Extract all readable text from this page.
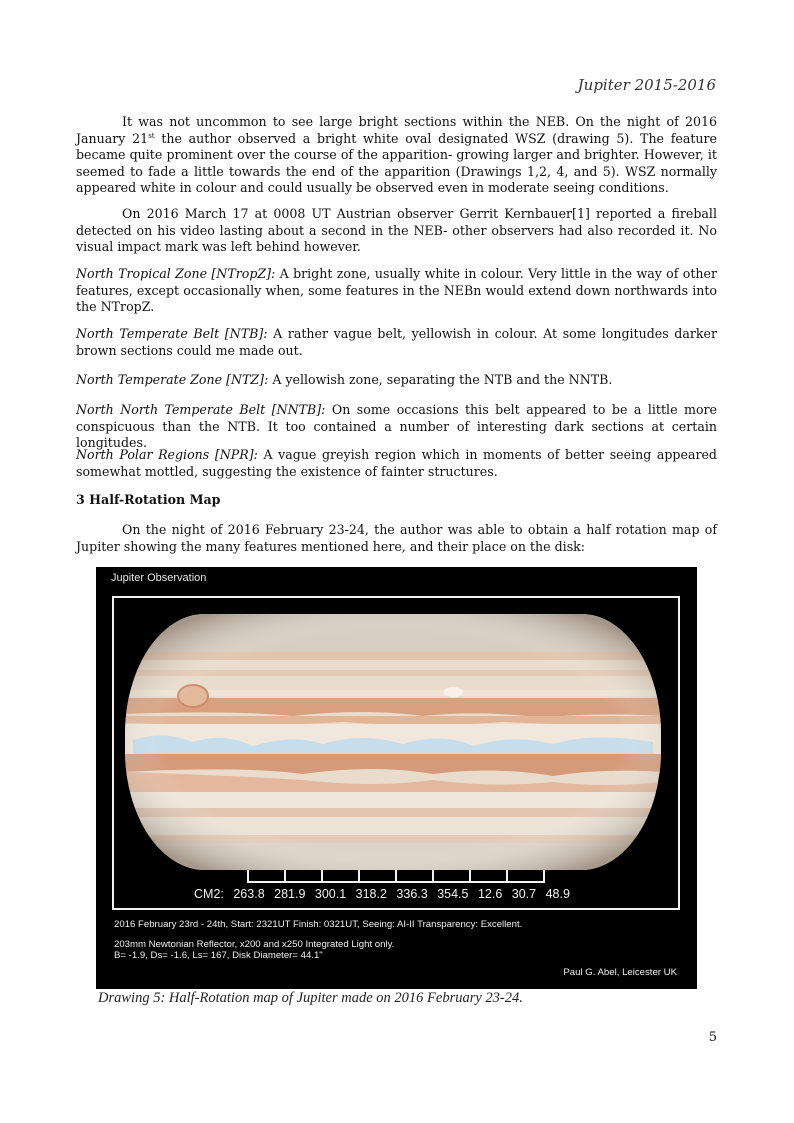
Jupiter 2015-2016

It was not uncommon to see large bright sections within the NEB. On the night of 2016 January 21st the author observed a bright white oval designated WSZ (drawing 5). The feature became quite prominent over the course of the apparition- growing larger and brighter. However, it seemed to fade a little towards the end of the apparition (Drawings 1,2, 4, and 5). WSZ normally appeared white in colour and could usually be observed even in moderate seeing conditions.

On 2016 March 17 at 0008 UT Austrian observer Gerrit Kernbauer[1] reported a fireball detected on his video lasting about a second in the NEB- other observers had also recorded it. No visual impact mark was left behind however.

North Tropical Zone [NTropZ]: A bright zone, usually white in colour. Very little in the way of other features, except occasionally when, some features in the NEBn would extend down northwards into the NTropZ.

North Temperate Belt [NTB]: A rather vague belt, yellowish in colour. At some longitudes darker brown sections could me made out.

North Temperate Zone [NTZ]: A yellowish zone, separating the NTB and the NNTB.

North North Temperate Belt [NNTB]: On some occasions this belt appeared to be a little more conspicuous than the NTB. It too contained a number of interesting dark sections at certain longitudes.

North Polar Regions [NPR]: A vague greyish region which in moments of better seeing appeared somewhat mottled, suggesting the existence of fainter structures.

3 Half-Rotation Map

On the night of 2016 February 23-24, the author was able to obtain a half rotation map of Jupiter showing the many features mentioned here, and their place on the disk:

Jupiter Observation
CM2: 263.8 281.9 300.1 318.2 336.3 354.5 12.6 30.7 48.9
2016 February 23rd - 24th, Start: 2321UT Finish: 0321UT, Seeing: AI-II Transparency: Excellent.
203mm Newtonian Reflector, x200 and x250 Integrated Light only.
B= -1.9, Ds= -1.6, Ls= 167, Disk Diameter= 44.1"
Paul G. Abel, Leicester UK
Drawing 5: Half-Rotation map of Jupiter made on 2016 February 23-24.
5
